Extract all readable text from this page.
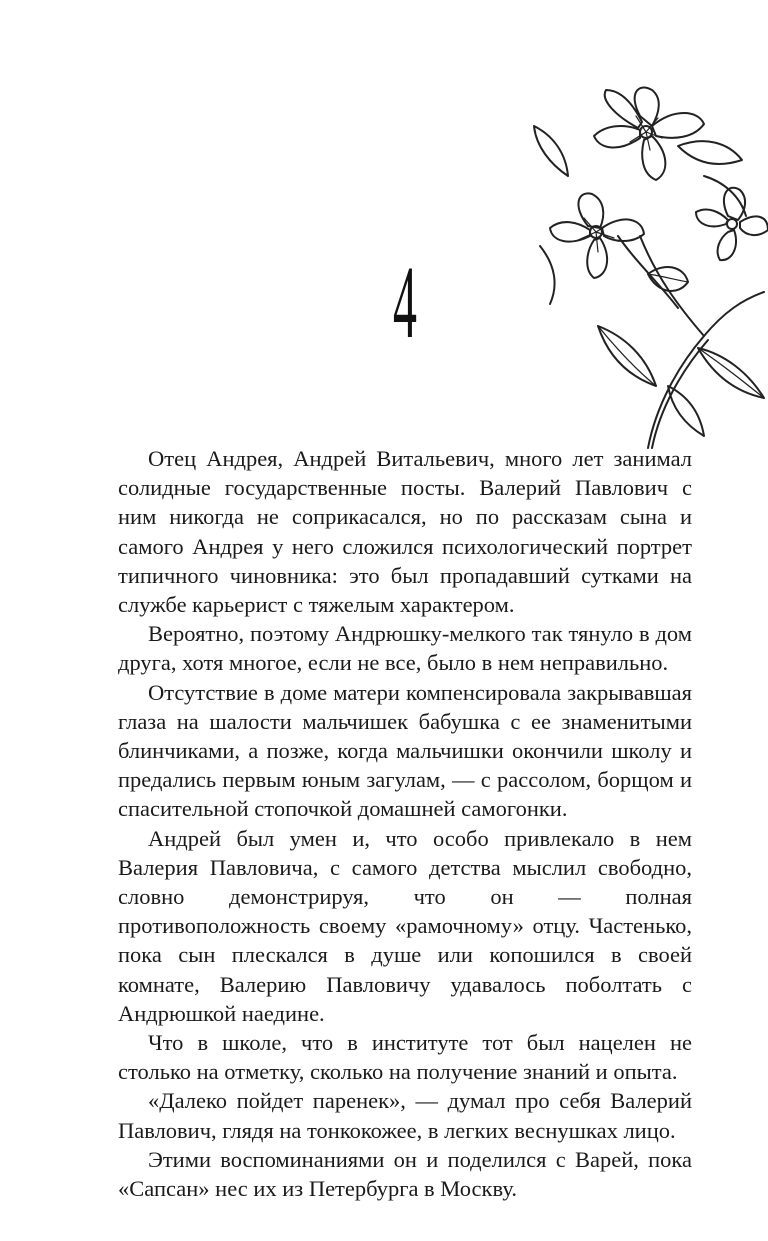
4

Отец Андрея, Андрей Витальевич, много лет занимал солидные государственные посты. Валерий Павлович с ним никогда не соприкасался, но по рассказам сына и самого Андрея у него сложился психологический портрет типичного чиновника: это был пропадавший сутками на службе карьерист с тяжелым характером.

Вероятно, поэтому Андрюшку-мелкого так тянуло в дом друга, хотя многое, если не все, было в нем неправильно.

Отсутствие в доме матери компенсировала закрывавшая глаза на шалости мальчишек бабушка с ее знаменитыми блинчиками, а позже, когда мальчишки окончили школу и предались первым юным загулам, — с рассолом, борщом и спасительной стопочкой домашней самогонки.

Андрей был умен и, что особо привлекало в нем Валерия Павловича, с самого детства мыслил свободно, словно демонстрируя, что он — полная противоположность своему «рамочному» отцу. Частенько, пока сын плескался в душе или копошился в своей комнате, Валерию Павловичу удавалось поболтать с Андрюшкой наедине.

Что в школе, что в институте тот был нацелен не столько на отметку, сколько на получение знаний и опыта.

«Далеко пойдет паренек», — думал про себя Валерий Павлович, глядя на тонкокожее, в легких веснушках лицо.

Этими воспоминаниями он и поделился с Варей, пока «Сапсан» нес их из Петербурга в Москву.
